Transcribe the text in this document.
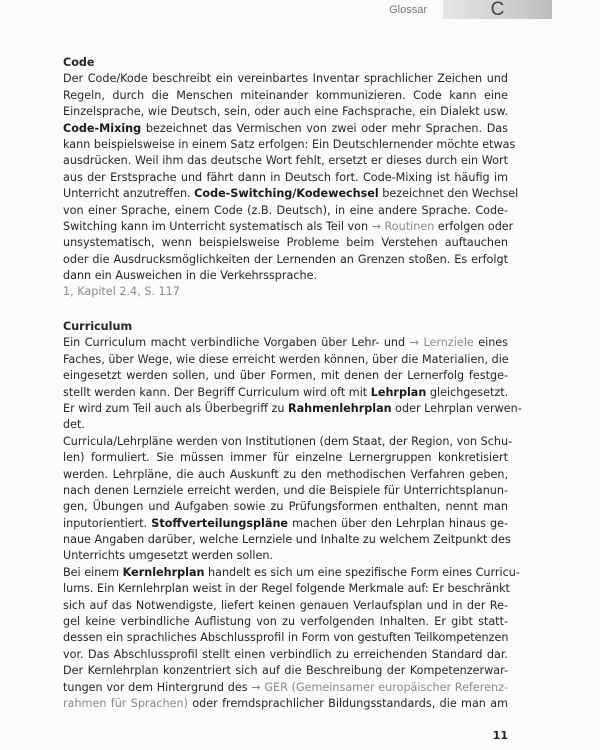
Glossar	C
Code
Der Code/Kode beschreibt ein vereinbartes Inventar sprachlicher Zeichen und
Regeln, durch die Menschen miteinander kommunizieren. Code kann eine
Einzelsprache, wie Deutsch, sein, oder auch eine Fachsprache, ein Dialekt usw.
Code-Mixing bezeichnet das Vermischen von zwei oder mehr Sprachen. Das
kann beispielsweise in einem Satz erfolgen: Ein Deutschlernender möchte etwas
ausdrücken. Weil ihm das deutsche Wort fehlt, ersetzt er dieses durch ein Wort
aus der Erstsprache und fährt dann in Deutsch fort. Code-Mixing ist häufig im
Unterricht anzutreffen. Code-Switching/Kodewechsel bezeichnet den Wechsel
von einer Sprache, einem Code (z.B. Deutsch), in eine andere Sprache. Code-
Switching kann im Unterricht systematisch als Teil von → Routinen erfolgen oder
unsystematisch, wenn beispielsweise Probleme beim Verstehen auftauchen
oder die Ausdrucksmöglichkeiten der Lernenden an Grenzen stoßen. Es erfolgt
dann ein Ausweichen in die Verkehrssprache.
1, Kapitel 2.4, S. 117
Curriculum
Ein Curriculum macht verbindliche Vorgaben über Lehr- und → Lernziele eines
Faches, über Wege, wie diese erreicht werden können, über die Materialien, die
eingesetzt werden sollen, und über Formen, mit denen der Lernerfolg festge-
stellt werden kann. Der Begriff Curriculum wird oft mit Lehrplan gleichgesetzt.
Er wird zum Teil auch als Überbegriff zu Rahmenlehrplan oder Lehrplan verwen-
det.
Curricula/Lehrpläne werden von Institutionen (dem Staat, der Region, von Schu-
len) formuliert. Sie müssen immer für einzelne Lernergruppen konkretisiert
werden. Lehrpläne, die auch Auskunft zu den methodischen Verfahren geben,
nach denen Lernziele erreicht werden, und die Beispiele für Unterrichtsplanun-
gen, Übungen und Aufgaben sowie zu Prüfungsformen enthalten, nennt man
inputorientiert. Stoffverteilungspläne machen über den Lehrplan hinaus ge-
naue Angaben darüber, welche Lernziele und Inhalte zu welchem Zeitpunkt des
Unterrichts umgesetzt werden sollen.
Bei einem Kernlehrplan handelt es sich um eine spezifische Form eines Curricu-
lums. Ein Kernlehrplan weist in der Regel folgende Merkmale auf: Er beschränkt
sich auf das Notwendigste, liefert keinen genauen Verlaufsplan und in der Re-
gel keine verbindliche Auflistung von zu verfolgenden Inhalten. Er gibt statt-
dessen ein sprachliches Abschlussprofil in Form von gestuften Teilkompetenzen
vor. Das Abschlussprofil stellt einen verbindlich zu erreichenden Standard dar.
Der Kernlehrplan konzentriert sich auf die Beschreibung der Kompetenzerwar-
tungen vor dem Hintergrund des → GER (Gemeinsamer europäischer Referenz-
rahmen für Sprachen) oder fremdsprachlicher Bildungsstandards, die man am
11
